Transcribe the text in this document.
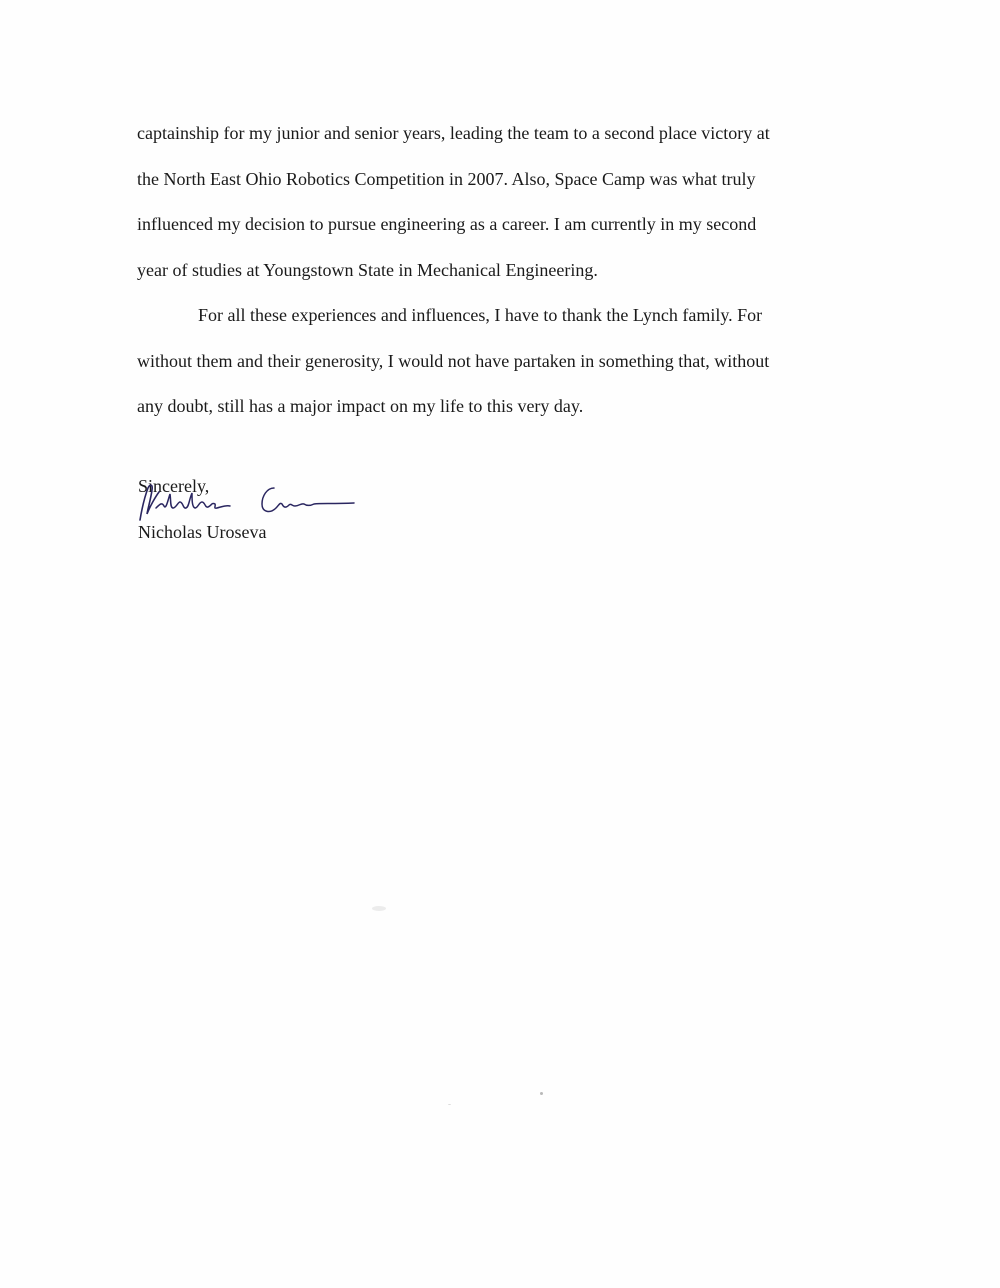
captainship for my junior and senior years, leading the team to a second place victory at
the North East Ohio Robotics Competition in 2007. Also, Space Camp was what truly
influenced my decision to pursue engineering as a career. I am currently in my second
year of studies at Youngstown State in Mechanical Engineering.

For all these experiences and influences, I have to thank the Lynch family. For
without them and their generosity, I would not have partaken in something that, without
any doubt, still has a major impact on my life to this very day.

Sincerely,
Nicholas Uroseva
